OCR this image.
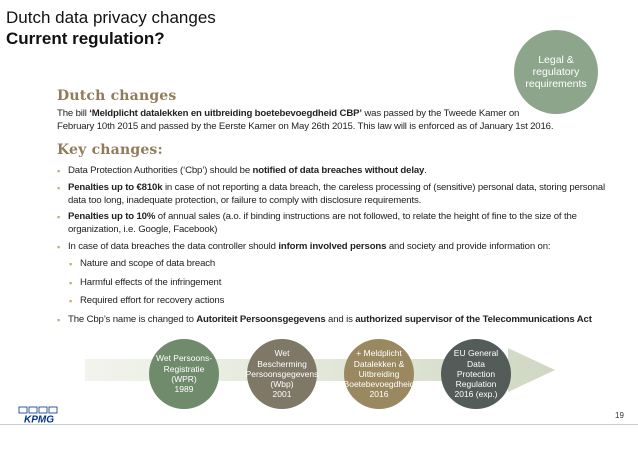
Dutch data privacy changes
Current regulation?
Legal &
regulatory
requirements
Dutch changes
The bill ‘Meldplicht datalekken en uitbreiding boetebevoegdheid CBP’ was passed by the Tweede Kamer on February 10th 2015 and passed by the Eerste Kamer on May 26th 2015. This law will is enforced as of January 1st 2016.
Key changes:
▪ Data Protection Authorities (‘Cbp’) should be notified of data breaches without delay.
▪ Penalties up to €810k in case of not reporting a data breach, the careless processing of (sensitive) personal data, storing personal data too long, inadequate protection, or failure to comply with disclosure requirements.
▪ Penalties up to 10% of annual sales (a.o. if binding instructions are not followed, to relate the height of fine to the size of the organization, i.e. Google, Facebook)
▪ In case of data breaches the data controller should inform involved persons and society and provide information on:
▪ Nature and scope of data breach
▪ Harmful effects of the infringement
▪ Required effort for recovery actions
▪ The Cbp’s name is changed to Autoriteit Persoonsgegevens and is authorized supervisor of the Telecommunications Act
Wet Persoons-
Registratie
(WPR)
1989
Wet
Bescherming
Persoonsgegevens
(Wbp)
2001
+ Meldplicht
Datalekken &
Uitbreiding
Boetebevoegdheid
2016
EU General
Data
Protection
Regulation
2016 (exp.)
KPMG	19
